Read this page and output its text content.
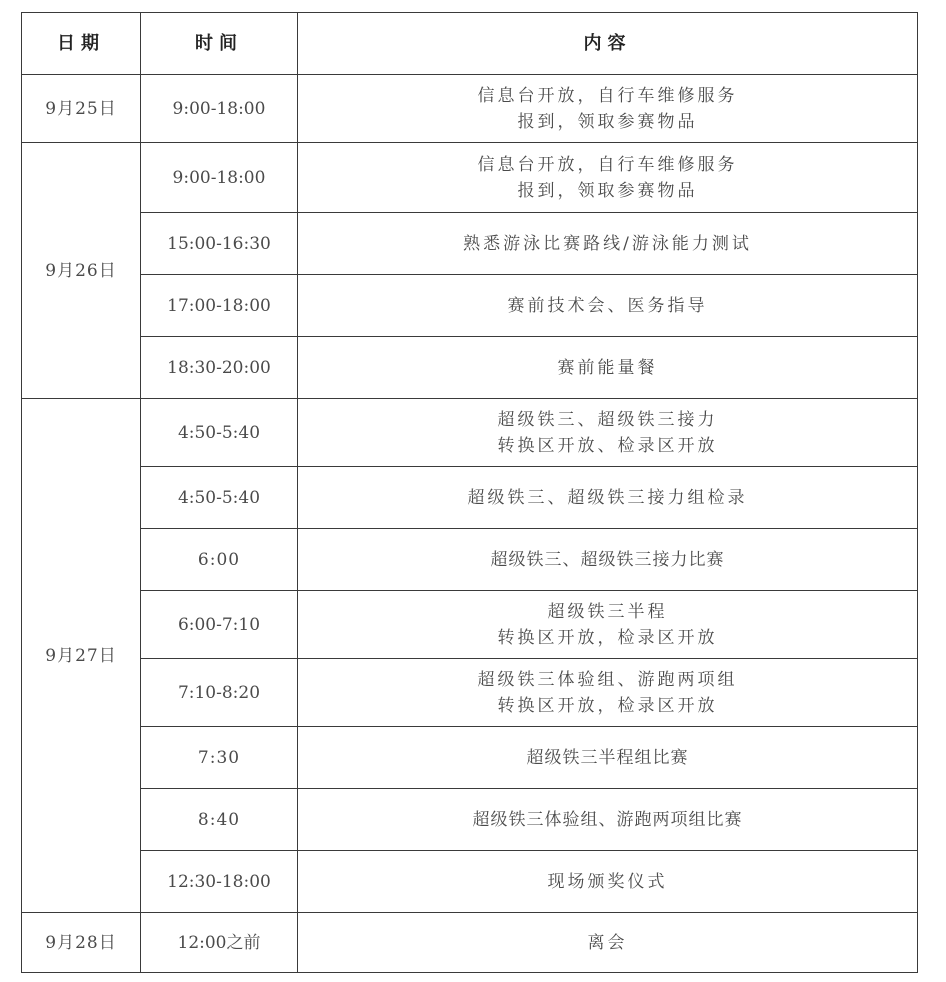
日期	时间	内容
9月25日	9:00-18:00	信息台开放，自行车维修服务
报到，领取参赛物品

9月26日	9:00-18:00	信息台开放，自行车维修服务
报到，领取参赛物品

	15:00-16:30	熟悉游泳比赛路线/游泳能力测试
	17:00-18:00	赛前技术会、医务指导
	18:30-20:00	赛前能量餐
9月27日	4:50-5:40	超级铁三、超级铁三接力
转换区开放、检录区开放

	4:50-5:40	超级铁三、超级铁三接力组检录
	6:00	超级铁三、超级铁三接力比赛
	6:00-7:10	超级铁三半程
转换区开放，检录区开放

	7:10-8:20	超级铁三体验组、游跑两项组
转换区开放，检录区开放

	7:30	超级铁三半程组比赛
	8:40	超级铁三体验组、游跑两项组比赛
	12:30-18:00	现场颁奖仪式
9月28日	12:00之前	离会
